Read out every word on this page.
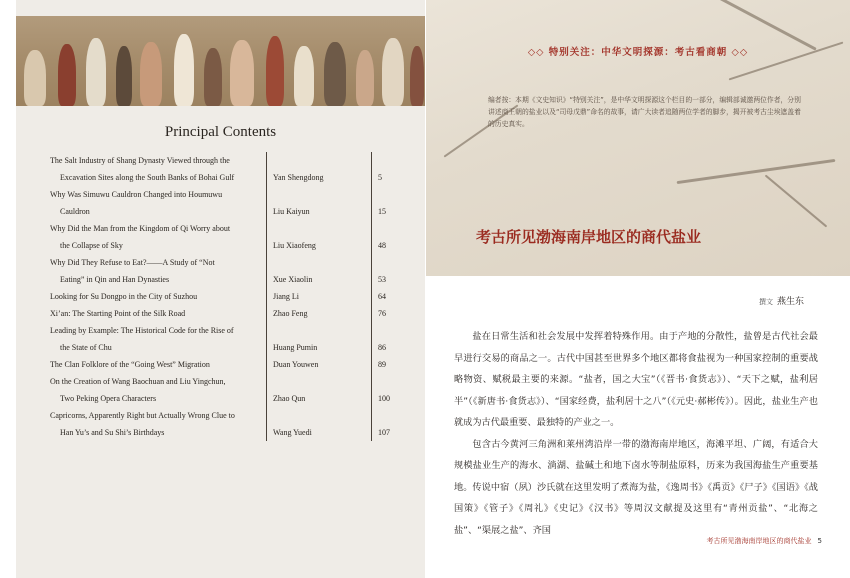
Principal Contents
The Salt Industry of Shang Dynasty Viewed through the
Excavation Sites along the South Banks of Bohai Gulf	Yan Shengdong	5
Why Was Simuwu Cauldron Changed into Houmuwu
Cauldron	Liu Kaiyun	15
Why Did the Man from the Kingdom of Qi Worry about
the Collapse of Sky	Liu Xiaofeng	48
Why Did They Refuse to Eat?——A Study of “Not
Eating” in Qin and Han Dynasties	Xue Xiaolin	53
Looking for Su Dongpo in the City of Suzhou	Jiang Li	64
Xi’an: The Starting Point of the Silk Road	Zhao Feng	76
Leading by Example: The Historical Code for the Rise of
the State of Chu	Huang Pumin	86
The Clan Folklore of the “Going West” Migration	Duan Youwen	89
On the Creation of Wang Baochuan and Liu Yingchun,
Two Peking Opera Characters	Zhao Qun	100
Capricorns, Apparently Right but Actually Wrong Clue to
Han Yu’s and Su Shi’s Birthdays	Wang Yuedi	107
◇◇ 特别关注：中华文明探源：考古看商朝 ◇◇
编者按：本期《文史知识》“特别关注”，是中华文明探源这个栏目的一部分，编辑部诚邀两位作者，分别讲述商王朝的盐业以及“司母戊鼎”命名的故事，请广大读者追随两位学者的脚步，揭开被考古尘埃遮盖着的历史真实。
考古所见渤海南岸地区的商代盐业
撰文 燕生东

盐在日常生活和社会发展中发挥着特殊作用。由于产地的分散性，盐曾是古代社会最早进行交易的商品之一。古代中国甚至世界多个地区都将食盐视为一种国家控制的重要战略物资、赋税最主要的来源。“盐者，国之大宝”（《晋书·食货志》）、“天下之赋，盐利居半”（《新唐书·食货志》）、“国家经费，盐利居十之八”（《元史·郝彬传》）。因此，盐业生产也就成为古代最重要、最独特的产业之一。

包含古今黄河三角洲和莱州湾沿岸一带的渤海南岸地区，海滩平坦、广阔，有适合大规模盐业生产的海水、淌湖、盐碱土和地下卤水等制盐原料，历来为我国海盐生产重要基地。传说中宿（夙）沙氏就在这里发明了煮海为盐，《逸周书》《禹贡》《尸子》《国语》《战国策》《管子》《周礼》《史记》《汉书》等周汉文献提及这里有“青州贡盐”、“北海之盐”、“渠展之盐”、齐国

考古所见渤海南岸地区的商代盐业 5
